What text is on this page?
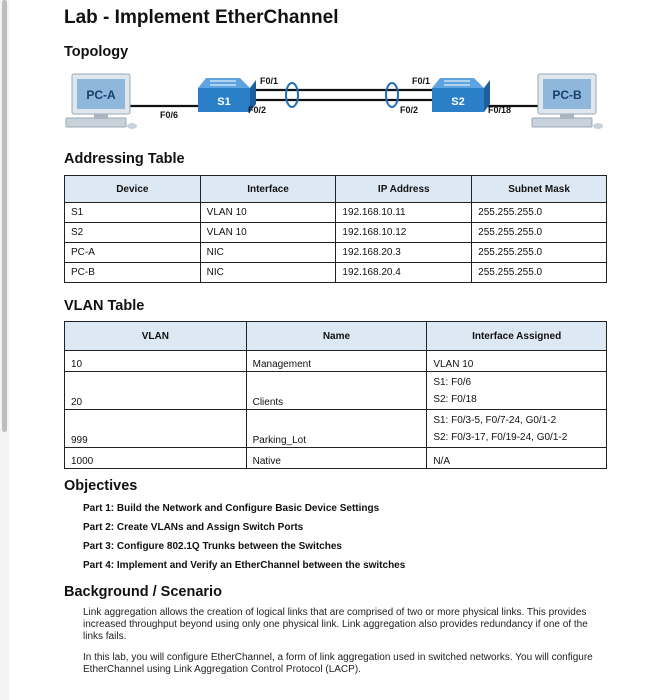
Lab - Implement EtherChannel
Topology
PC-A	PC-B
S1	S2
F0/6
F0/1
F0/2
F0/1
F0/2	F0/18
Addressing Table
Device	Interface	IP Address	Subnet Mask
S1	VLAN 10	192.168.10.11	255.255.255.0
S2	VLAN 10	192.168.10.12	255.255.255.0
PC-A	NIC	192.168.20.3	255.255.255.0
PC-B	NIC	192.168.20.4	255.255.255.0
VLAN Table
VLAN	Name	Interface Assigned
10	Management	VLAN 10
20	Clients	S1: F0/6
S2: F0/18

999	Parking_Lot	S1: F0/3-5, F0/7-24, G0/1-2
S2: F0/3-17, F0/19-24, G0/1-2

1000	Native	N/A
Objectives
Part 1: Build the Network and Configure Basic Device Settings
Part 2: Create VLANs and Assign Switch Ports
Part 3: Configure 802.1Q Trunks between the Switches
Part 4: Implement and Verify an EtherChannel between the switches
Background / Scenario

Link aggregation allows the creation of logical links that are comprised of two or more physical links. This provides increased throughput beyond using only one physical link. Link aggregation also provides redundancy if one of the links fails.

In this lab, you will configure EtherChannel, a form of link aggregation used in switched networks. You will configure EtherChannel using Link Aggregation Control Protocol (LACP).
